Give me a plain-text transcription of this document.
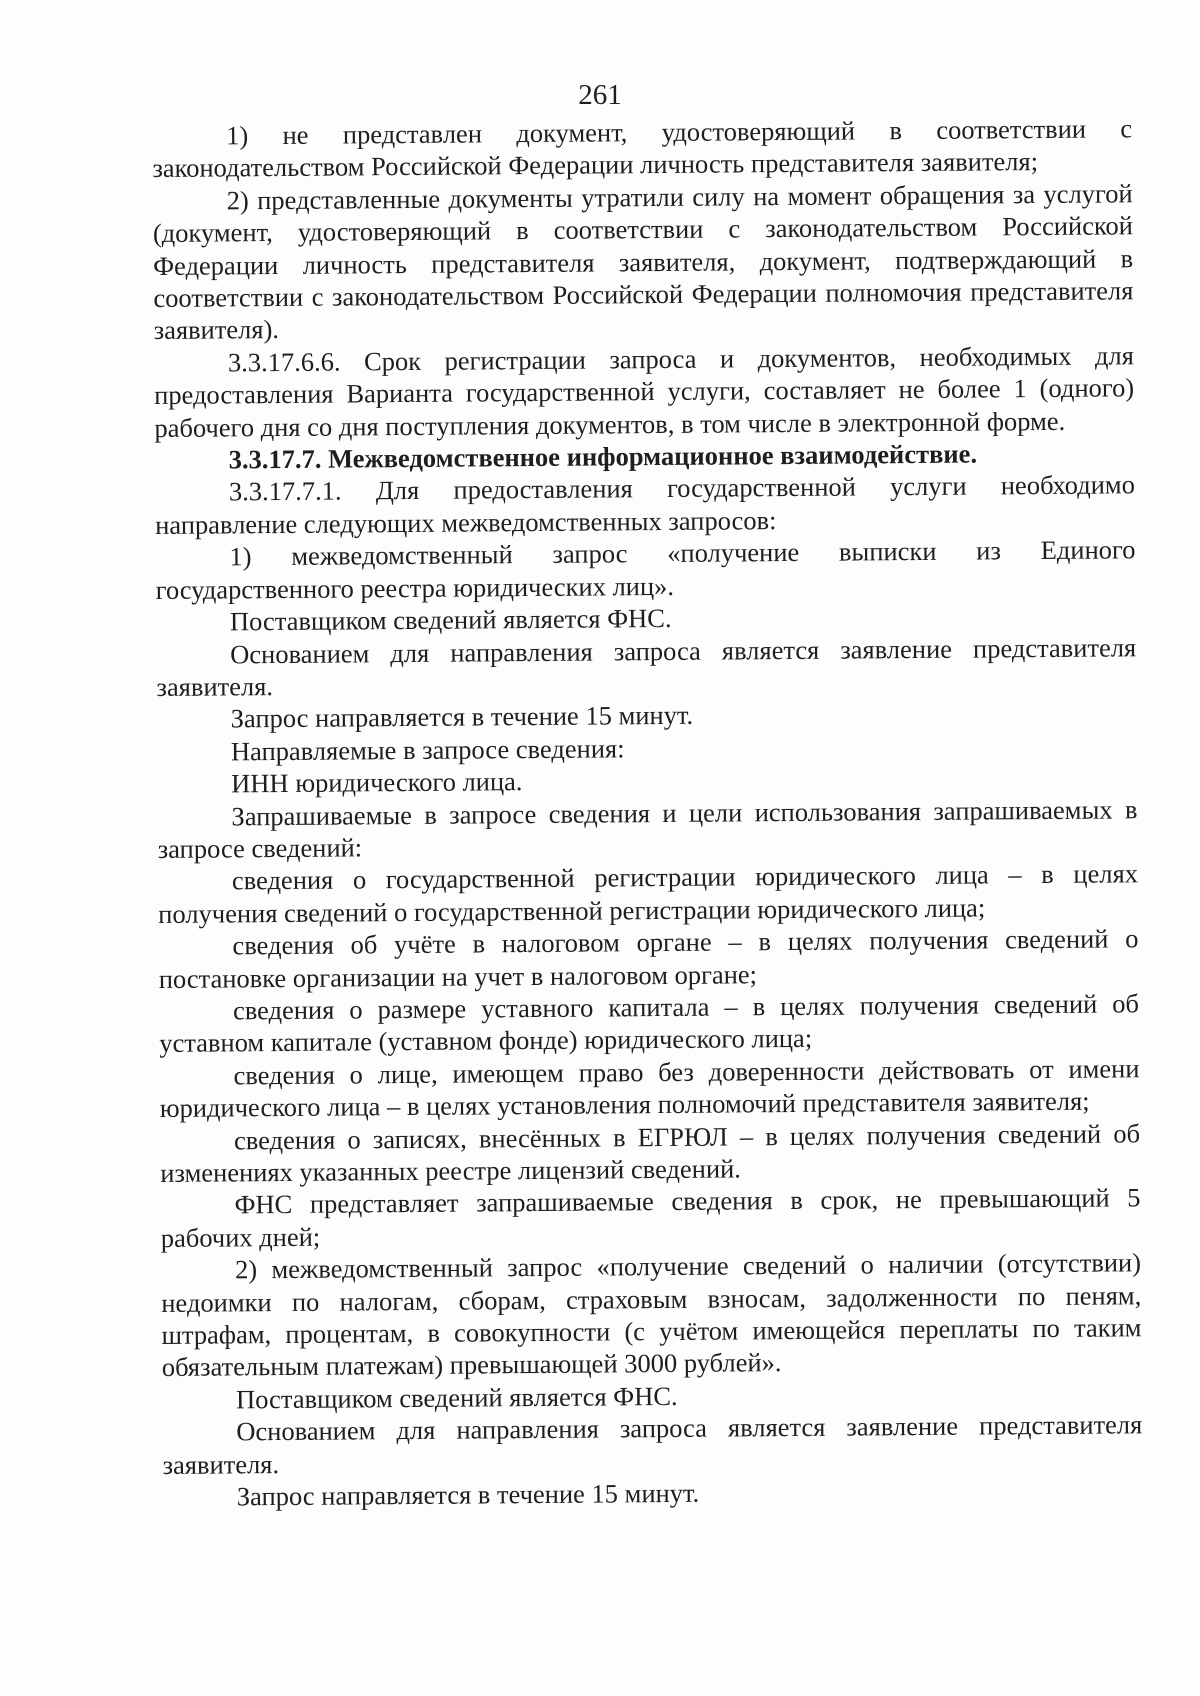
261

1) не представлен документ, удостоверяющий в соответствии с законодательством Российской Федерации личность представителя заявителя;

2) представленные документы утратили силу на момент обращения за услугой (документ, удостоверяющий в соответствии с законодательством Российской Федерации личность представителя заявителя, документ, подтверждающий в соответствии с законодательством Российской Федерации полномочия представителя заявителя).

3.3.17.6.6. Срок регистрации запроса и документов, необходимых для предоставления Варианта государственной услуги, составляет не более 1 (одного) рабочего дня со дня поступления документов, в том числе в электронной форме.

3.3.17.7. Межведомственное информационное взаимодействие.

3.3.17.7.1. Для предоставления государственной услуги необходимо направление следующих межведомственных запросов:

1) межведомственный запрос «получение выписки из Единого государственного реестра юридических лиц».

Поставщиком сведений является ФНС.

Основанием для направления запроса является заявление представителя заявителя.

Запрос направляется в течение 15 минут.

Направляемые в запросе сведения:

ИНН юридического лица.

Запрашиваемые в запросе сведения и цели использования запрашиваемых в запросе сведений:

сведения о государственной регистрации юридического лица – в целях получения сведений о государственной регистрации юридического лица;

сведения об учёте в налоговом органе – в целях получения сведений о постановке организации на учет в налоговом органе;

сведения о размере уставного капитала – в целях получения сведений об уставном капитале (уставном фонде) юридического лица;

сведения о лице, имеющем право без доверенности действовать от имени юридического лица – в целях установления полномочий представителя заявителя;

сведения о записях, внесённых в ЕГРЮЛ – в целях получения сведений об изменениях указанных реестре лицензий сведений.

ФНС представляет запрашиваемые сведения в срок, не превышающий 5 рабочих дней;

2) межведомственный запрос «получение сведений о наличии (отсутствии) недоимки по налогам, сборам, страховым взносам, задолженности по пеням, штрафам, процентам, в совокупности (с учётом имеющейся переплаты по таким обязательным платежам) превышающей 3000 рублей».

Поставщиком сведений является ФНС.

Основанием для направления запроса является заявление представителя заявителя.

Запрос направляется в течение 15 минут.
